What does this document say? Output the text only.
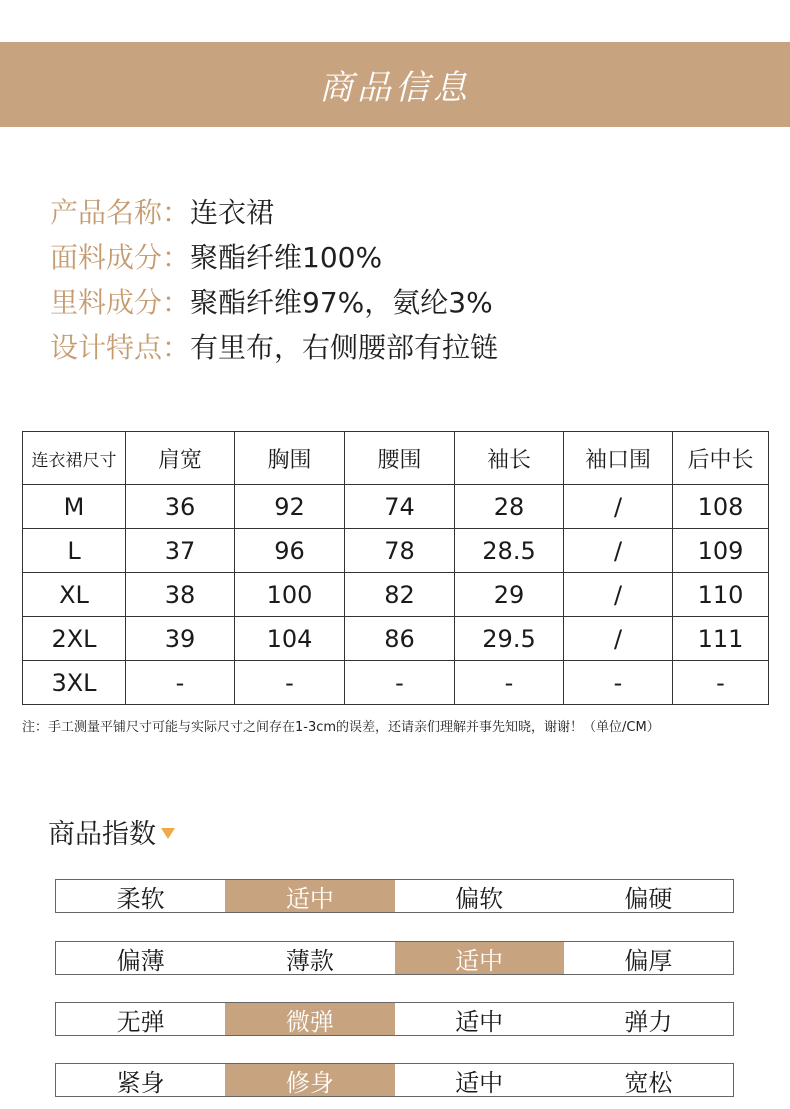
商品信息
产品名称： 连衣裙
面料成分： 聚酯纤维100%
里料成分： 聚酯纤维97%，氨纶3%
设计特点： 有里布，右侧腰部有拉链
连衣裙尺寸	肩宽	胸围	腰围	袖长	袖口围	后中长
M	36	92	74	28	/	108
L	37	96	78	28.5	/	109
XL	38	100	82	29	/	110
2XL	39	104	86	29.5	/	111
3XL	-	-	-	-	-	-
注：手工测量平铺尺寸可能与实际尺寸之间存在1-3cm的误差，还请亲们理解并事先知晓，谢谢！（单位/CM）
商品指数
柔软	适中	偏软	偏硬
偏薄	薄款	适中	偏厚
无弹	微弹	适中	弹力
紧身	修身	适中	宽松
